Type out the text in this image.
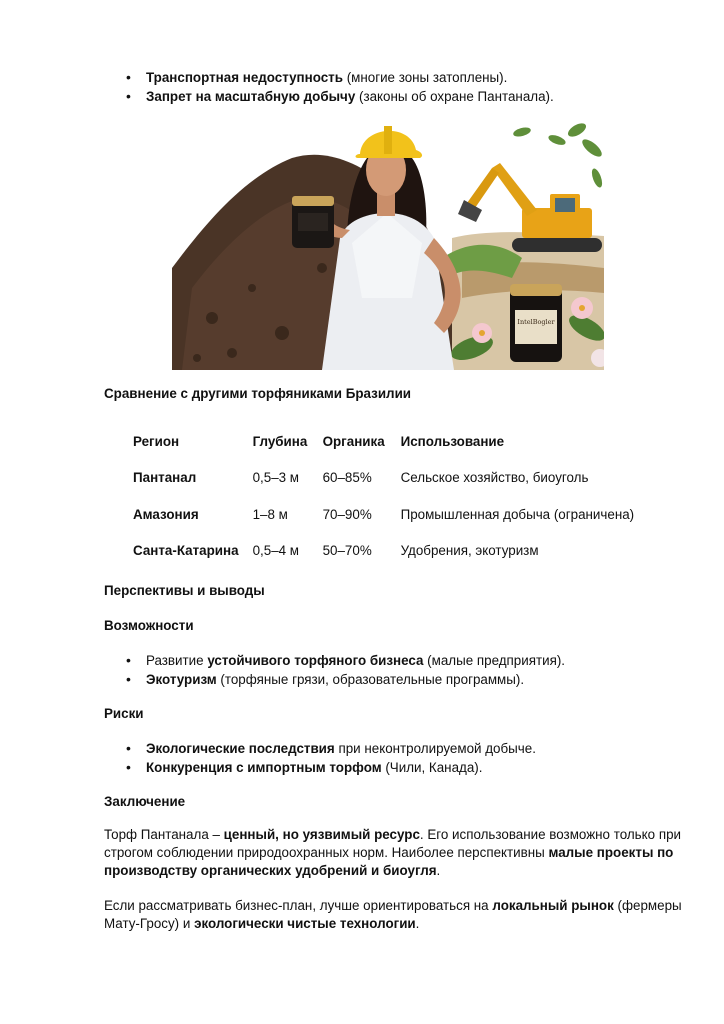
• Транспортная недоступность (многие зоны затоплены).
• Запрет на масштабную добычу (законы об охране Пантанала).
IntelBogler
Сравнение с другими торфяниками Бразилии
Регион	Глубина	Органика	Использование
Пантанал	0,5–3 м	60–85%	Сельское хозяйство, биоуголь
Амазония	1–8 м	70–90%	Промышленная добыча (ограничена)
Санта-Катарина	0,5–4 м	50–70%	Удобрения, экотуризм
Перспективы и выводы
Возможности
• Развитие устойчивого торфяного бизнеса (малые предприятия).
• Экотуризм (торфяные грязи, образовательные программы).
Риски
• Экологические последствия при неконтролируемой добыче.
• Конкуренция с импортным торфом (Чили, Канада).
Заключение

Торф Пантанала – ценный, но уязвимый ресурс. Его использование возможно только при строгом соблюдении природоохранных норм. Наиболее перспективны малые проекты по производству органических удобрений и биоугля.

Если рассматривать бизнес-план, лучше ориентироваться на локальный рынок (фермеры Мату-Гросу) и экологически чистые технологии.
